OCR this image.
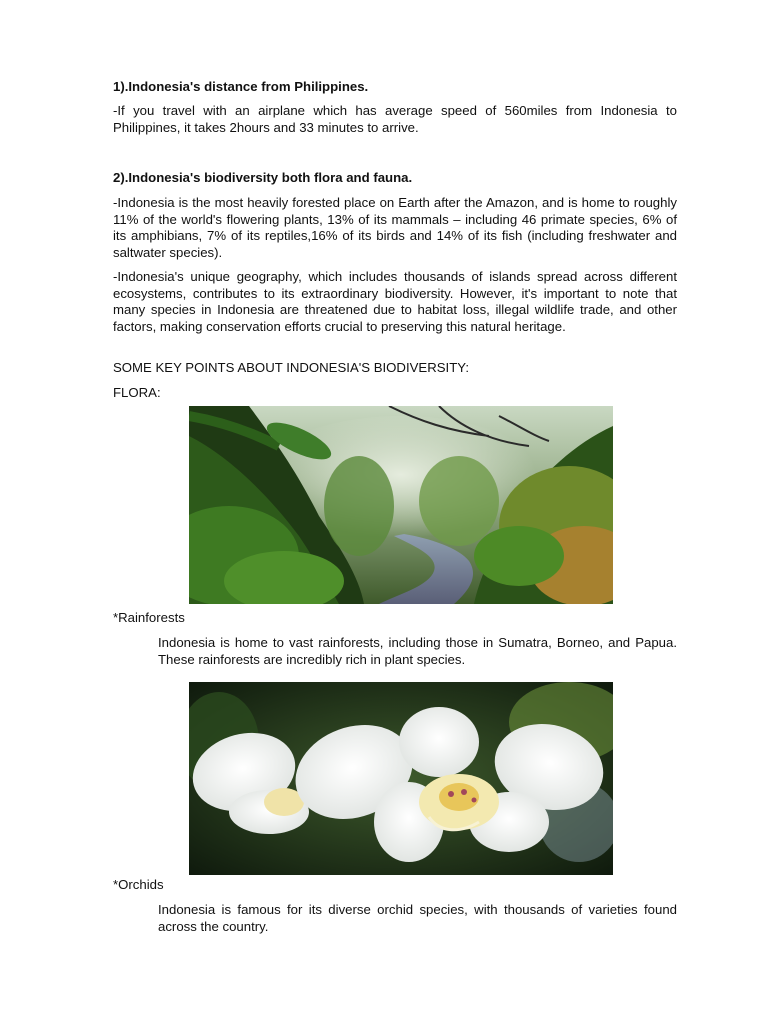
1).Indonesia's distance from Philippines.
-If you travel with an airplane which has average speed of 560miles from Indonesia to Philippines, it takes 2hours and 33 minutes to arrive.
2).Indonesia's biodiversity both flora and fauna.
-Indonesia is the most heavily forested place on Earth after the Amazon, and is home to roughly 11% of the world's flowering plants, 13% of its mammals – including 46 primate species, 6% of its amphibians, 7% of its reptiles,16% of its birds and 14% of its fish (including freshwater and saltwater species).
-Indonesia's unique geography, which includes thousands of islands spread across different ecosystems, contributes to its extraordinary biodiversity. However, it's important to note that many species in Indonesia are threatened due to habitat loss, illegal wildlife trade, and other factors, making conservation efforts crucial to preserving this natural heritage.
SOME KEY POINTS ABOUT INDONESIA'S BIODIVERSITY:
FLORA:
*Rainforests
Indonesia is home to vast rainforests, including those in Sumatra, Borneo, and Papua. These rainforests are incredibly rich in plant species.
*Orchids
Indonesia is famous for its diverse orchid species, with thousands of varieties found across the country.
